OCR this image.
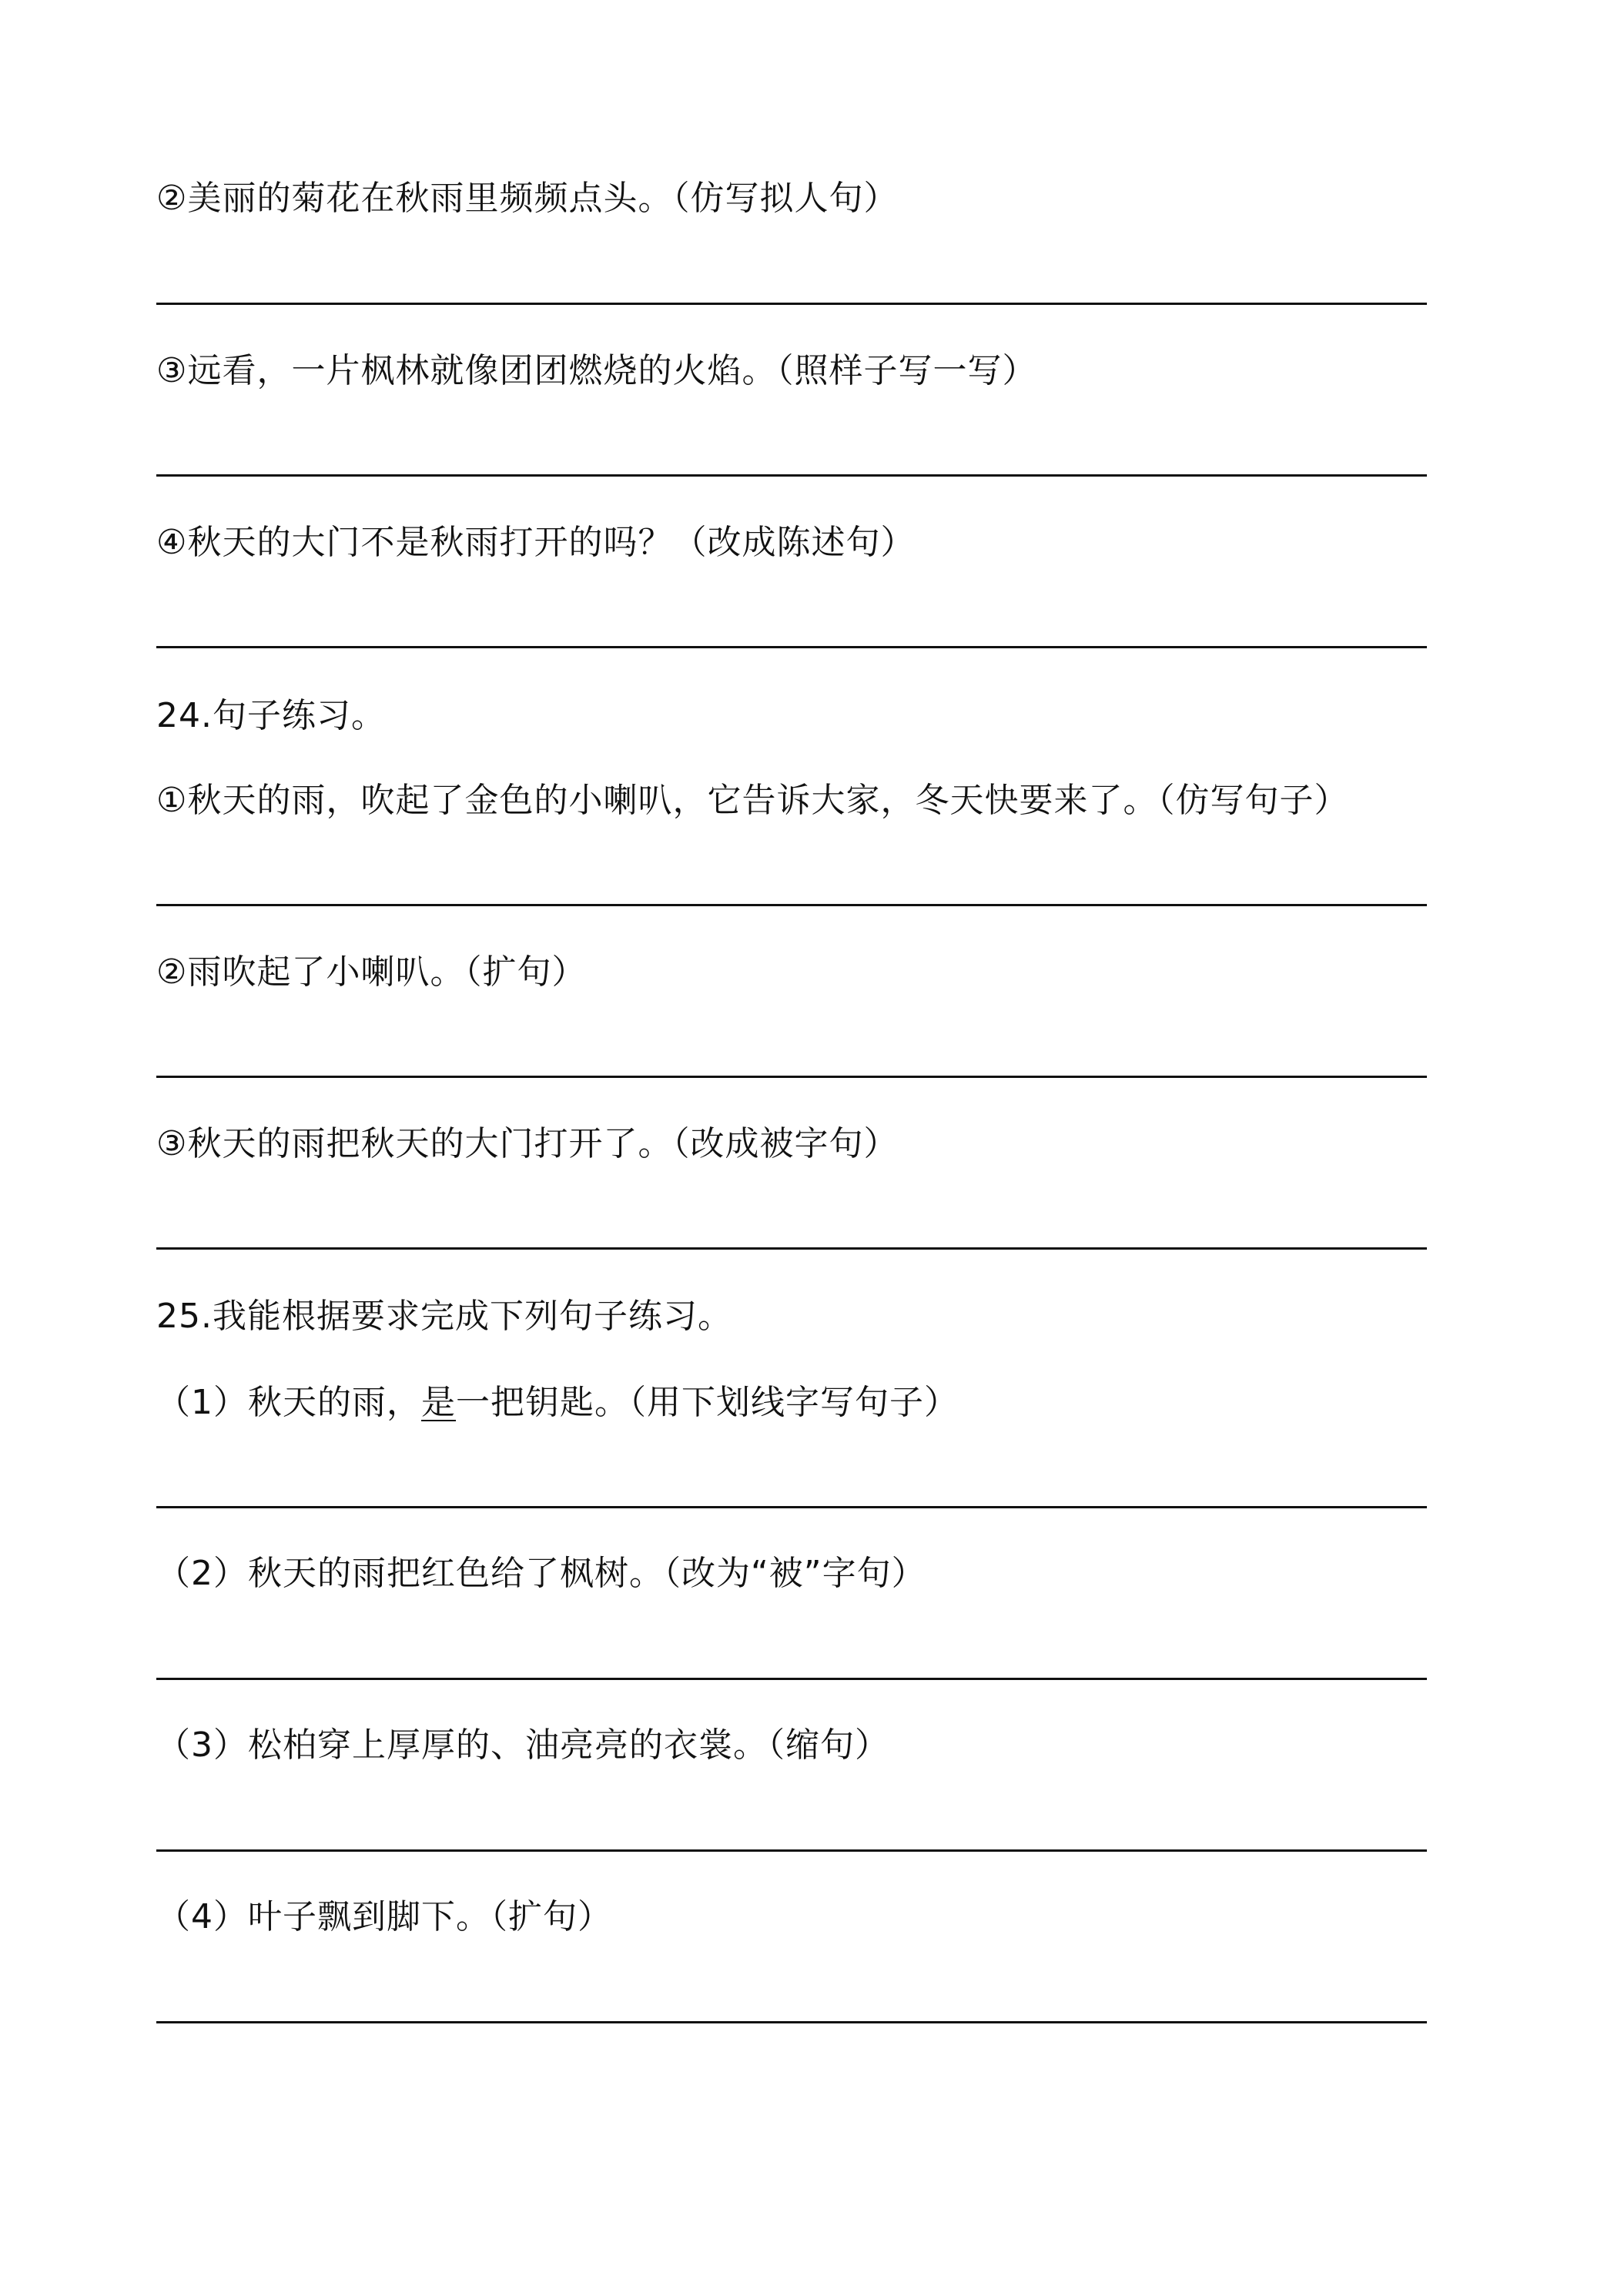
②美丽的菊花在秋雨里频频点头。（仿写拟人句）
③远看，一片枫林就像团团燃烧的火焰。（照样子写一写）
④秋天的大门不是秋雨打开的吗？（改成陈述句）
24.句子练习。
①秋天的雨，吹起了金色的小喇叭，它告诉大家，冬天快要来了。（仿写句子）
②雨吹起了小喇叭。（扩句）
③秋天的雨把秋天的大门打开了。（改成被字句）
25.我能根据要求完成下列句子练习。
（1）秋天的雨，是一把钥匙。（用下划线字写句子）
（2）秋天的雨把红色给了枫树。（改为“被”字句）
（3）松柏穿上厚厚的、油亮亮的衣裳。（缩句）
（4）叶子飘到脚下。（扩句）
